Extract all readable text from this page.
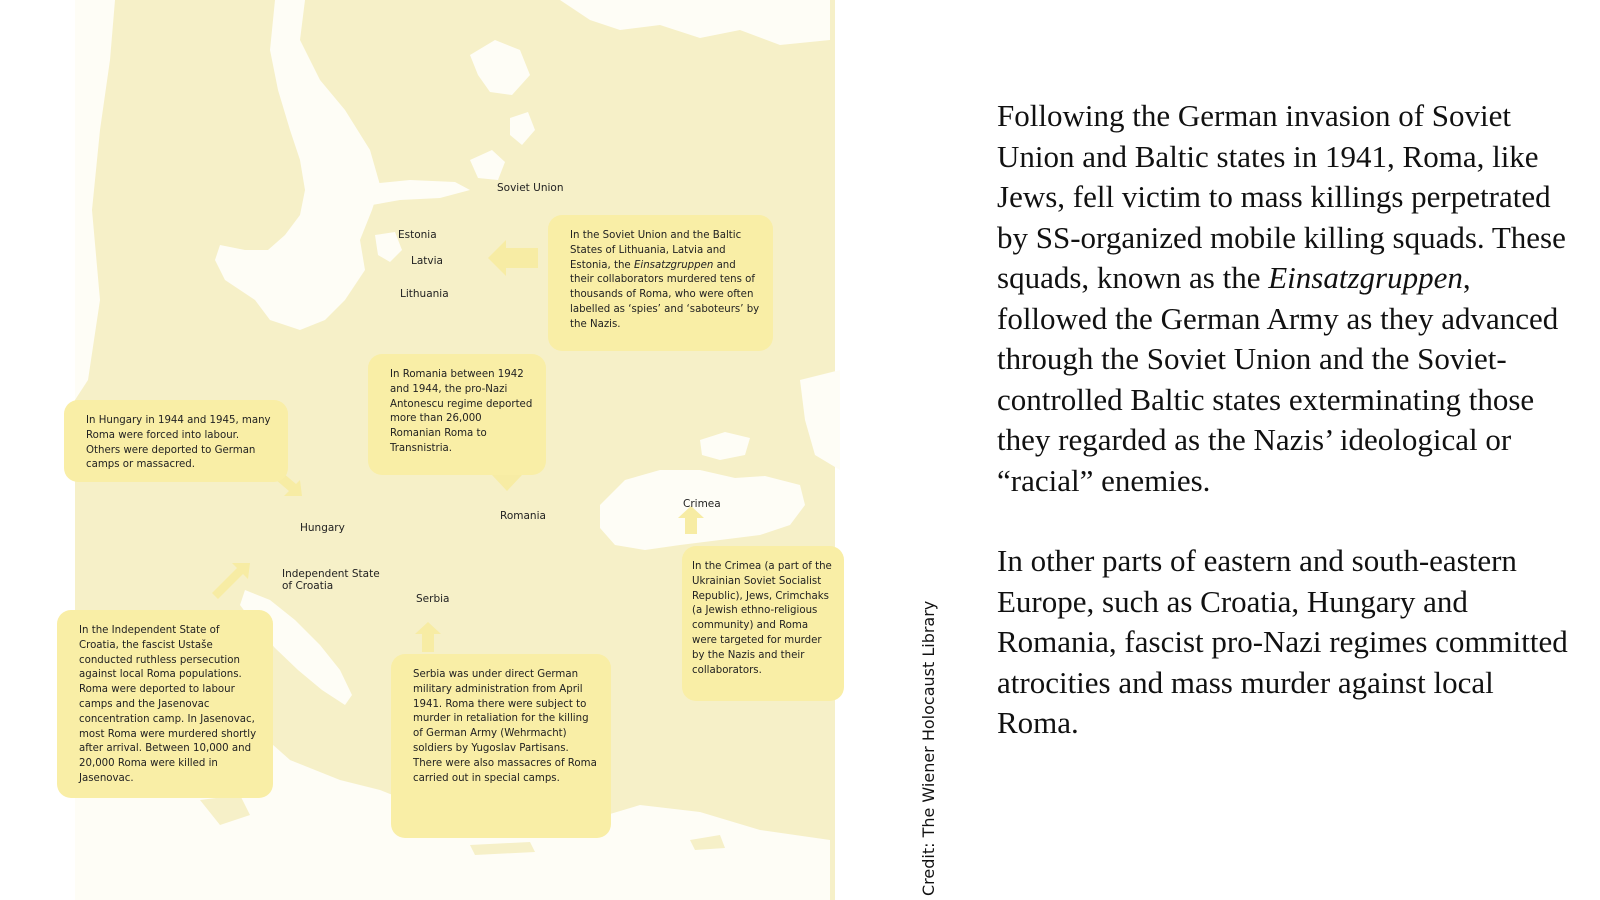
Soviet Union
Estonia
Latvia
Lithuania
Hungary
Romania
Crimea
Independent State
of Croatia
Serbia

In the Soviet Union and the Baltic States of Lithuania, Latvia and Estonia, the Einsatzgruppen and their collaborators murdered tens of thousands of Roma, who were often labelled as ‘spies’ and ‘saboteurs’ by the Nazis.

In Romania between 1942 and 1944, the pro-Nazi Antonescu regime deported more than 26,000 Romanian Roma to Transnistria.

In Hungary in 1944 and 1945, many Roma were forced into labour. Others were deported to German camps or massacred.

In the Crimea (a part of the Ukrainian Soviet Socialist Republic), Jews, Crimchaks (a Jewish ethno-religious community) and Roma were targeted for murder by the Nazis and their collaborators.

In the Independent State of Croatia, the fascist Ustaše conducted ruthless persecution against local Roma populations. Roma were deported to labour camps and the Jasenovac concentration camp. In Jasenovac, most Roma were murdered shortly after arrival. Between 10,000 and 20,000 Roma were killed in Jasenovac.

Serbia was under direct German military administration from April 1941. Roma there were subject to murder in retaliation for the killing of German Army (Wehrmacht) soldiers by Yugoslav Partisans. There were also massacres of Roma carried out in special camps.	Credit: The Wiener Holocaust Library

Following the German invasion of Soviet Union and Baltic states in 1941, Roma, like Jews, fell victim to mass killings perpetrated by SS-organized mobile killing squads. These squads, known as the Einsatzgruppen, followed the German Army as they advanced through the Soviet Union and the Soviet-controlled Baltic states exterminating those they regarded as the Nazis’ ideological or “racial” enemies.

In other parts of eastern and south-eastern Europe, such as Croatia, Hungary and Romania, fascist pro-Nazi regimes committed atrocities and mass murder against local Roma.
